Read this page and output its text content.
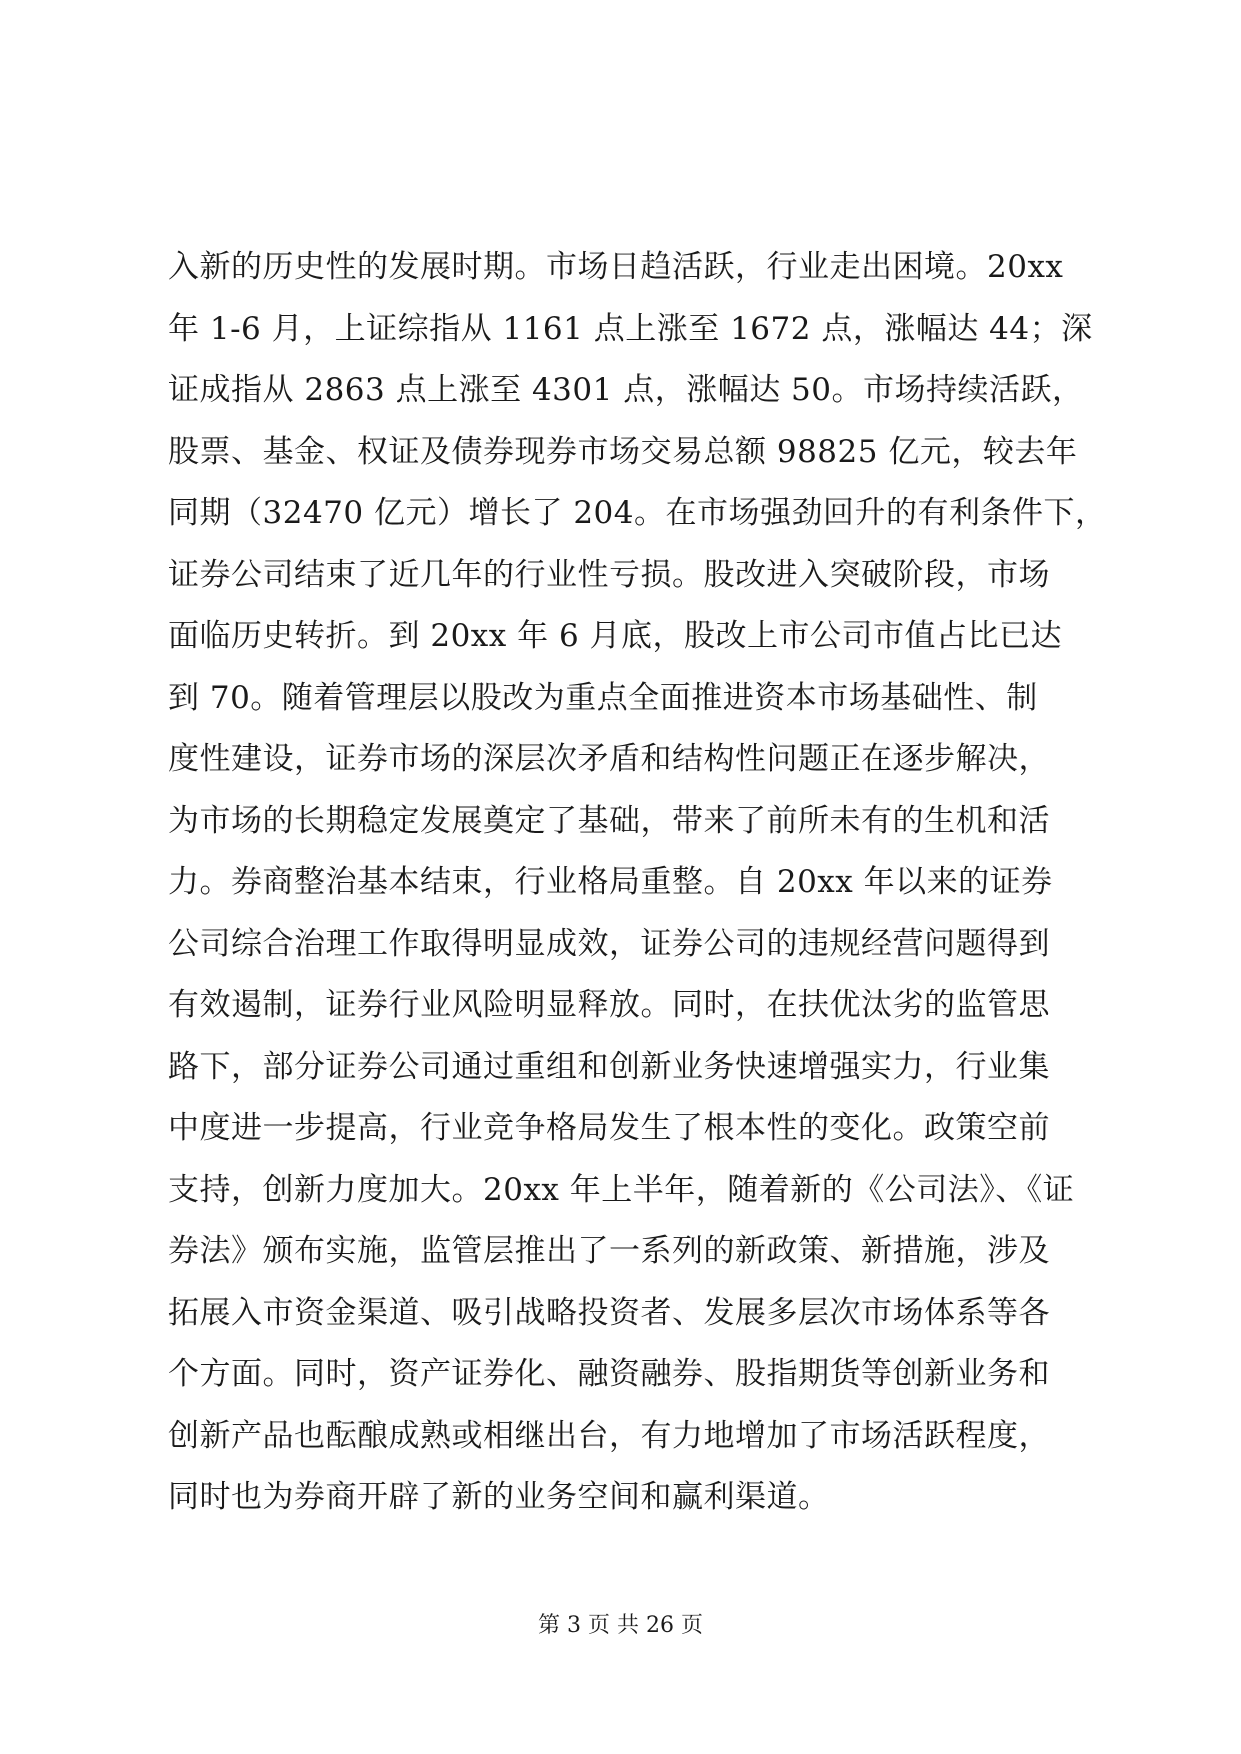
入新的历史性的发展时期。市场日趋活跃，行业走出困境。20xx
年 1-6 月，上证综指从 1161 点上涨至 1672 点，涨幅达 44；深
证成指从 2863 点上涨至 4301 点，涨幅达 50。市场持续活跃，
股票、基金、权证及债券现券市场交易总额 98825 亿元，较去年
同期（32470 亿元）增长了 204。在市场强劲回升的有利条件下，
证券公司结束了近几年的行业性亏损。股改进入突破阶段，市场
面临历史转折。到 20xx 年 6 月底，股改上市公司市值占比已达
到 70。随着管理层以股改为重点全面推进资本市场基础性、制
度性建设，证券市场的深层次矛盾和结构性问题正在逐步解决，
为市场的长期稳定发展奠定了基础，带来了前所未有的生机和活
力。券商整治基本结束，行业格局重整。自 20xx 年以来的证券
公司综合治理工作取得明显成效，证券公司的违规经营问题得到
有效遏制，证券行业风险明显释放。同时，在扶优汰劣的监管思
路下，部分证券公司通过重组和创新业务快速增强实力，行业集
中度进一步提高，行业竞争格局发生了根本性的变化。政策空前
支持，创新力度加大。20xx 年上半年，随着新的《公司法》、《证
券法》颁布实施，监管层推出了一系列的新政策、新措施，涉及
拓展入市资金渠道、吸引战略投资者、发展多层次市场体系等各
个方面。同时，资产证券化、融资融券、股指期货等创新业务和
创新产品也酝酿成熟或相继出台，有力地增加了市场活跃程度，
同时也为券商开辟了新的业务空间和赢利渠道。
第 3 页 共 26 页
